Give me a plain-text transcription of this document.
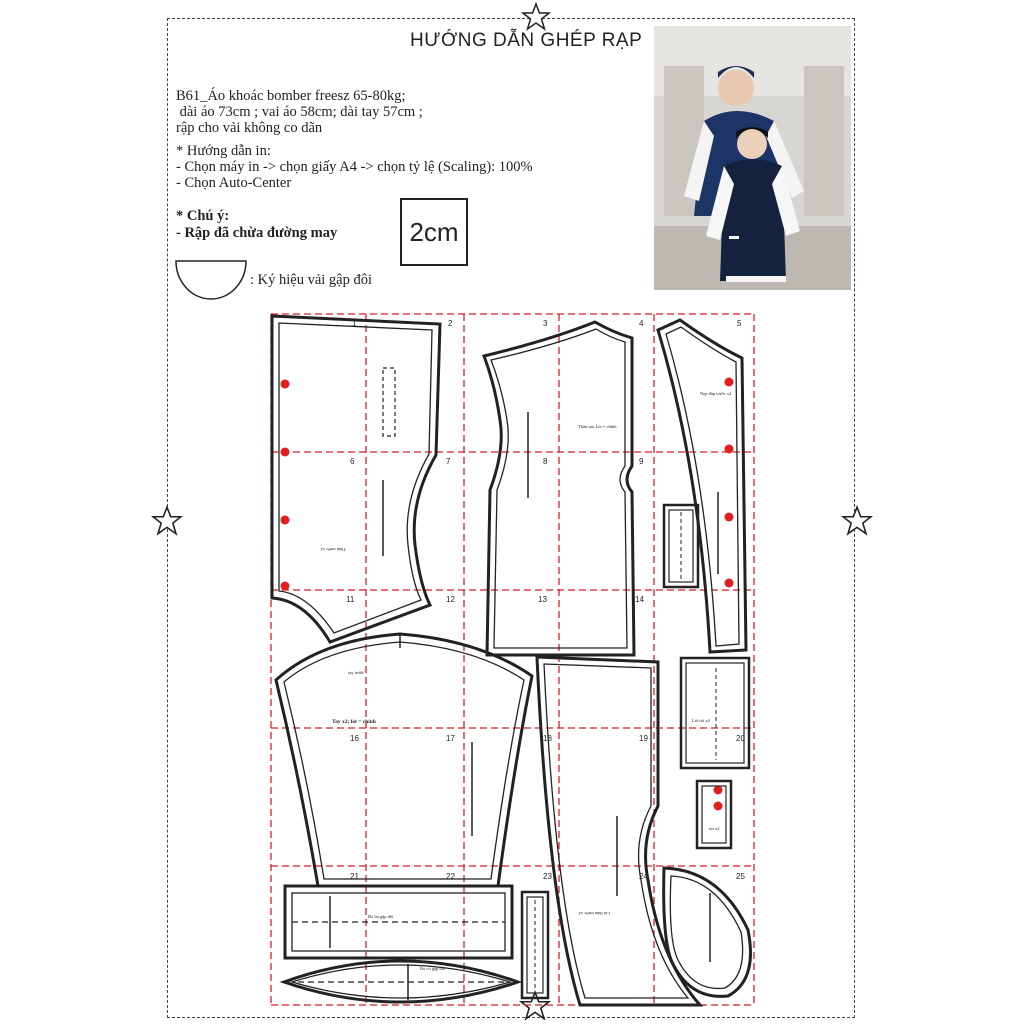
HƯỚNG DẪN GHÉP RẠP
B61_Áo khoác bomber freesz 65-80kg;
dài áo 73cm ; vai áo 58cm; dài tay 57cm ;
rập cho vải không co dãn
* Hướng dẫn in:
- Chọn máy in -> chọn giấy A4 -> chọn tỷ lệ (Scaling): 100%
- Chọn Auto-Center
* Chú ý:
- Rập đã chừa đường may	2cm
: Ký hiệu vải gập đôi
Thân trước x2
Thân sau Lót = chính
Nẹp đáp trước x2
tay trước
Tay x2; lót = chính
Lót thân trước x2
Lót túi x4
túi x2
Bo lai gập đôi
Bo cổ gập đôi
1	2	3	4	5
6	7	8	9
11	12	13	14
16	17	18	19	20
21	22	23	24	25
